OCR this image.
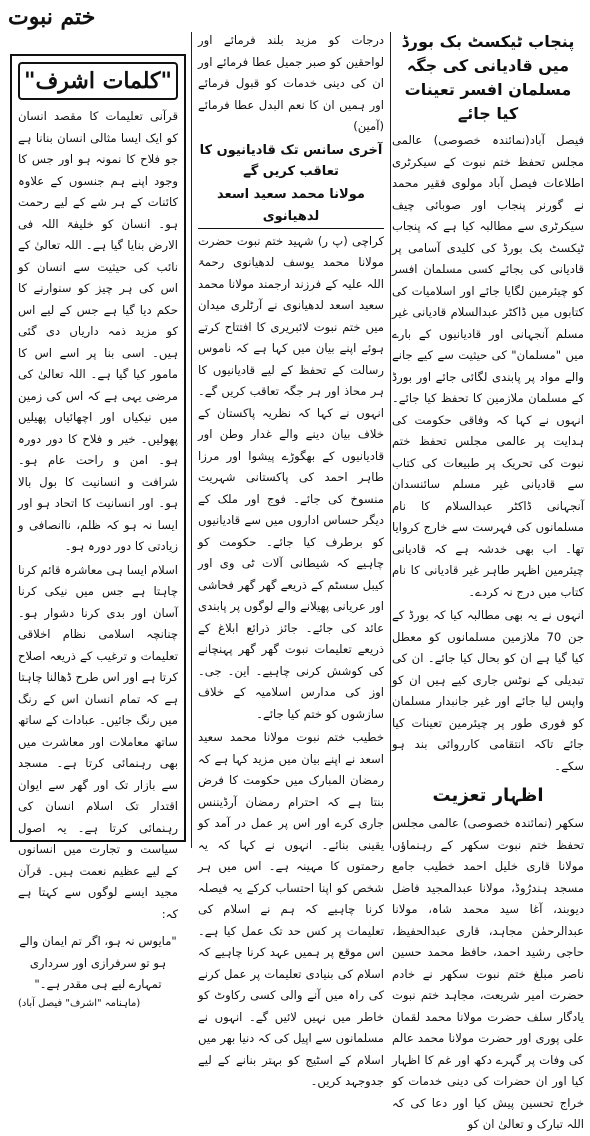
ختم نبوت
پنجاب ٹیکسٹ بک بورڈ میں قادیانی کی جگہ مسلمان افسر تعینات کیا جائے

فیصل آباد(نمائندہ خصوصی) عالمی مجلس تحفظ ختم نبوت کے سیکرٹری اطلاعات فیصل آباد مولوی فقیر محمد نے گورنر پنجاب اور صوبائی چیف سیکرٹری سے مطالبہ کیا ہے کہ پنجاب ٹیکسٹ بک بورڈ کی کلیدی آسامی پر قادیانی کی بجائے کسی مسلمان افسر کو چیئرمین لگایا جائے اور اسلامیات کی کتابوں میں ڈاکٹر عبدالسلام قادیانی غیر مسلم آنجہانی اور قادیانیوں کے بارے میں "مسلمان" کی حیثیت سے کیے جانے والے مواد پر پابندی لگائی جائے اور بورڈ کے مسلمان ملازمین کا تحفظ کیا جائے۔ انہوں نے کہا کہ وفاقی حکومت کی ہدایت پر عالمی مجلس تحفظ ختم نبوت کی تحریک پر طبیعات کی کتاب سے قادیانی غیر مسلم سائنسدان آنجہانی ڈاکٹر عبدالسلام کا نام مسلمانوں کی فہرست سے خارج کروایا تھا۔ اب بھی خدشہ ہے کہ قادیانی چیئرمین اظہر طاہر غیر قادیانی کا نام کتاب میں درج نہ کردے۔

انہوں نے یہ بھی مطالبہ کیا کہ بورڈ کے جن 70 ملازمین مسلمانوں کو معطل کیا گیا ہے ان کو بحال کیا جائے۔ ان کی تبدیلی کے نوٹس جاری کیے ہیں ان کو واپس لیا جائے اور غیر جانبدار مسلمان کو فوری طور پر چیئرمین تعینات کیا جائے تاکہ انتقامی کارروائی بند ہو سکے۔

اظہار تعزیت

سکھر (نمائندہ خصوصی) عالمی مجلس تحفظ ختم نبوت سکھر کے رہنماؤں مولانا قاری خلیل احمد خطیب جامع مسجد ہندرُوڈ، مولانا عبدالمجید فاضل دیوبند، آغا سید محمد شاہ، مولانا عبدالرحمٰن مجاہد، قاری عبدالحفیظ، حاجی رشید احمد، حافظ محمد حسین ناصر مبلغ ختم نبوت سکھر نے خادم حضرت امیر شریعت، مجاہد ختم نبوت یادگار سلف حضرت مولانا محمد لقمان علی پوری اور حضرت مولانا محمد عالم کی وفات پر گہرے دکھ اور غم کا اظہار کیا اور ان حضرات کی دینی خدمات کو خراج تحسین پیش کیا اور دعا کی کہ اللہ تبارک و تعالیٰ ان کو

درجات کو مزید بلند فرمائے اور لواحقین کو صبر جمیل عطا فرمائے اور ان کی دینی خدمات کو قبول فرمائے اور ہمیں ان کا نعم البدل عطا فرمائے (آمین)

آخری سانس تک قادیانیوں کا تعاقب کریں گے
مولانا محمد سعید اسعد لدھیانوی

کراچی (پ ر) شہید ختم نبوت حضرت مولانا محمد یوسف لدھیانوی رحمۃ اللہ علیہ کے فرزند ارجمند مولانا محمد سعید اسعد لدھیانوی نے آرٹلری میدان میں ختم نبوت لائبریری کا افتتاح کرتے ہوئے اپنے بیان میں کہا ہے کہ ناموس رسالت کے تحفظ کے لیے قادیانیوں کا ہر محاذ اور ہر جگہ تعاقب کریں گے۔ انہوں نے کہا کہ نظریہ پاکستان کے خلاف بیان دینے والے غدار وطن اور قادیانیوں کے بھگوڑے پیشوا اور مرزا طاہر احمد کی پاکستانی شہریت منسوخ کی جائے۔ فوج اور ملک کے دیگر حساس اداروں میں سے قادیانیوں کو برطرف کیا جائے۔ حکومت کو چاہیے کہ شیطانی آلات ٹی وی اور کیبل سسٹم کے ذریعے گھر گھر فحاشی اور عریانی پھیلانے والے لوگوں پر پابندی عائد کی جائے۔ جائز ذرائع ابلاغ کے ذریعے تعلیمات نبوت گھر گھر پہنچانے کی کوشش کرنی چاہیے۔ این۔ جی۔ اوز کی مدارس اسلامیہ کے خلاف سازشوں کو ختم کیا جائے۔

خطیب ختم نبوت مولانا محمد سعید اسعد نے اپنے بیان میں مزید کہا ہے کہ رمضان المبارک میں حکومت کا فرض بنتا ہے کہ احترام رمضان آرڈیننس جاری کرے اور اس پر عمل در آمد کو یقینی بنائے۔ انہوں نے کہا کہ یہ رحمتوں کا مہینہ ہے۔ اس میں ہر شخص کو اپنا احتساب کرکے یہ فیصلہ کرنا چاہیے کہ ہم نے اسلام کی تعلیمات پر کس حد تک عمل کیا ہے۔ اس موقع پر ہمیں عہد کرنا چاہیے کہ اسلام کی بنیادی تعلیمات پر عمل کرنے کی راہ میں آنے والی کسی رکاوٹ کو خاطر میں نہیں لائیں گے۔ انہوں نے مسلمانوں سے اپیل کی کہ دنیا بھر میں اسلام کے اسٹیج کو بہتر بنانے کے لیے جدوجہد کریں۔

"کلمات اشرف"

قرآنی تعلیمات کا مقصد انسان کو ایک ایسا مثالی انسان بنانا ہے جو فلاح کا نمونہ ہو اور جس کا وجود اپنے ہم جنسوں کے علاوہ کائنات کے ہر شے کے لیے رحمت ہو۔ انسان کو خلیفۃ اللہ فی الارض بنایا گیا ہے۔ اللہ تعالیٰ کے نائب کی حیثیت سے انسان کو اس کی ہر چیز کو سنوارنے کا حکم دیا گیا ہے جس کے لیے اس کو مزید ذمہ داریاں دی گئی ہیں۔ اسی بنا پر اسے اس کا مامور کیا گیا ہے۔ اللہ تعالیٰ کی مرضی یہی ہے کہ اس کی زمین میں نیکیاں اور اچھائیاں پھیلیں پھولیں۔ خیر و فلاح کا دور دورہ ہو۔ امن و راحت عام ہو۔ شرافت و انسانیت کا بول بالا ہو۔ اور انسانیت کا اتحاد ہو اور ایسا نہ ہو کہ ظلم، ناانصافی و زیادتی کا دور دورہ ہو۔

اسلام ایسا ہی معاشرہ قائم کرنا چاہتا ہے جس میں نیکی کرنا آسان اور بدی کرنا دشوار ہو۔ چنانچہ اسلامی نظام اخلاقی تعلیمات و ترغیب کے ذریعہ اصلاح کرتا ہے اور اس طرح ڈھالنا چاہتا ہے کہ تمام انسان اس کے رنگ میں رنگ جائیں۔ عبادات کے ساتھ ساتھ معاملات اور معاشرت میں بھی رہنمائی کرتا ہے۔ مسجد سے بازار تک اور گھر سے ایوان اقتدار تک اسلام انسان کی رہنمائی کرتا ہے۔ یہ اصول سیاست و تجارت میں انسانوں کے لیے عظیم نعمت ہیں۔ قرآن مجید ایسے لوگوں سے کہتا ہے کہ:

"مایوس نہ ہو، اگر تم ایمان والے ہو تو سرفرازی اور سرداری تمہارے لیے ہی مقدر ہے۔"

(ماہنامہ "اشرف" فیصل آباد)
